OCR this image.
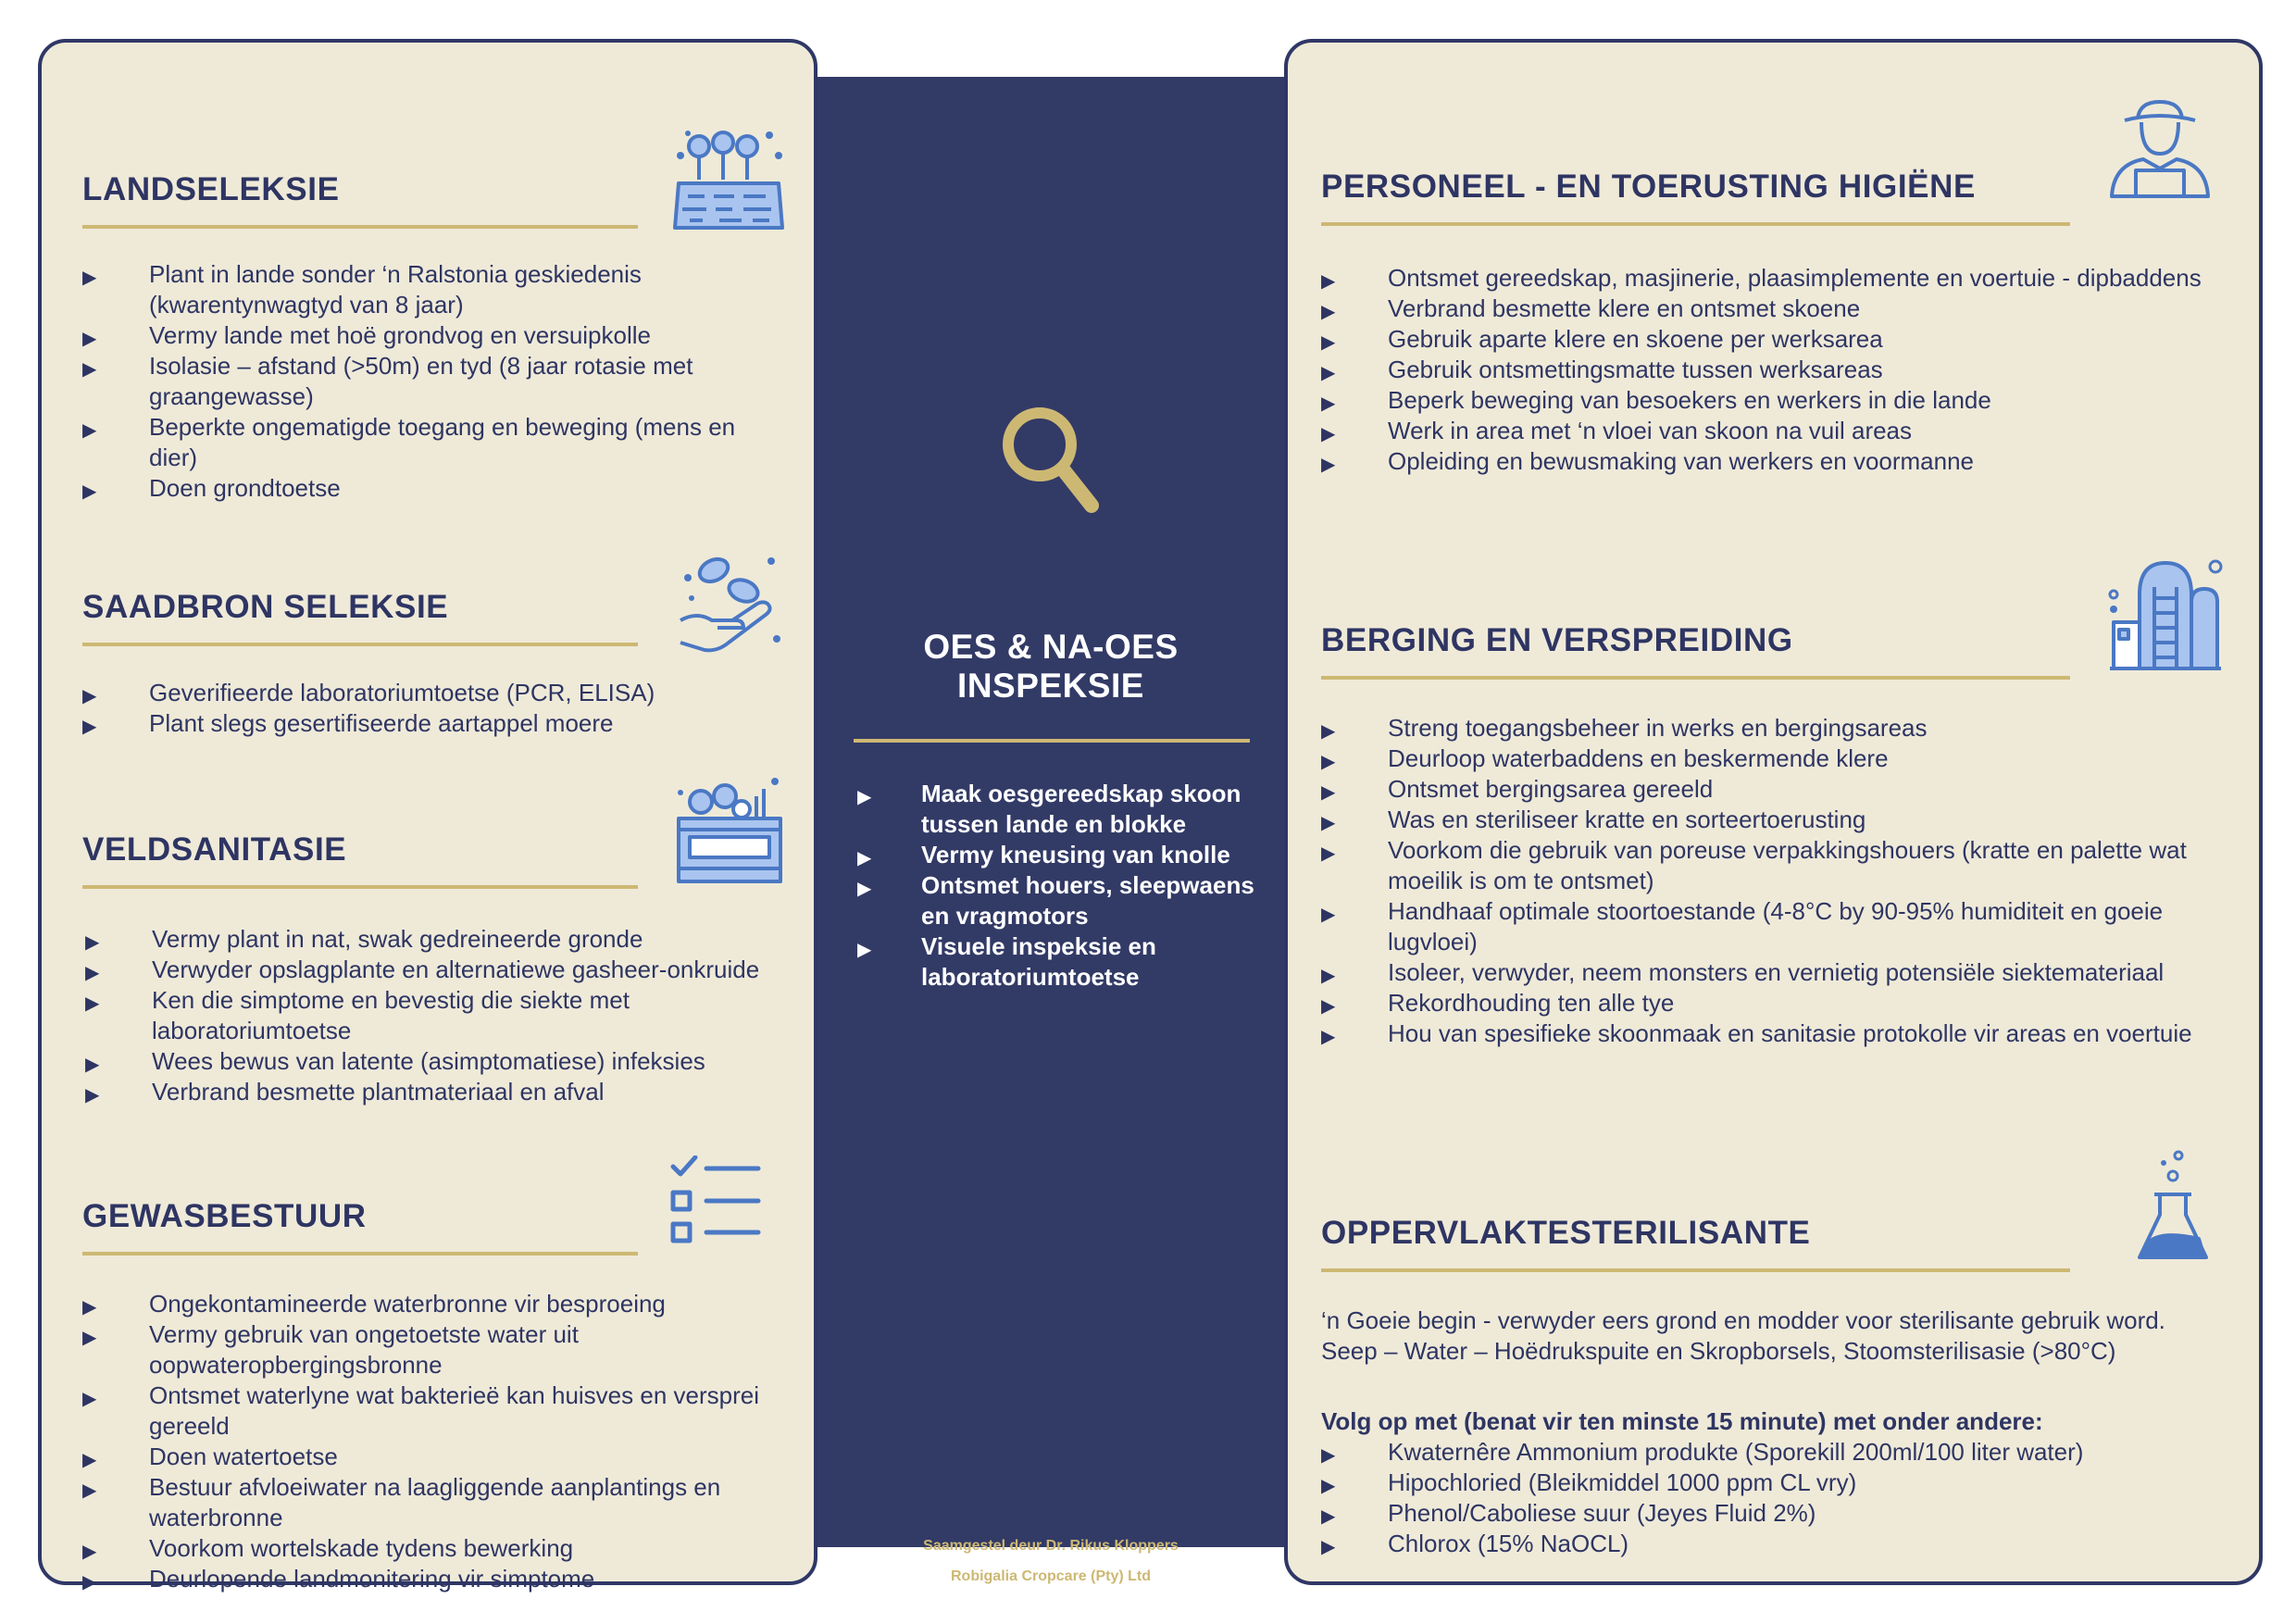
LANDSELEKSIE
▶ Plant in lande sonder ‘n Ralstonia geskiedenis (kwarentynwagtyd van 8 jaar)
▶ Vermy lande met hoë grondvog en versuipkolle
▶ Isolasie – afstand (>50m) en tyd (8 jaar rotasie met graangewasse)
▶ Beperkte ongematigde toegang en beweging (mens en dier)
▶ Doen grondtoetse
SAADBRON SELEKSIE
▶ Geverifieerde laboratoriumtoetse (PCR, ELISA)
▶ Plant slegs gesertifiseerde aartappel moere
VELDSANITASIE
▶ Vermy plant in nat, swak gedreineerde gronde
▶ Verwyder opslagplante en alternatiewe gasheer-onkruide
▶ Ken die simptome en bevestig die siekte met laboratoriumtoetse
▶ Wees bewus van latente (asimptomatiese) infeksies
▶ Verbrand besmette plantmateriaal en afval
GEWASBESTUUR
▶ Ongekontamineerde waterbronne vir besproeing
▶ Vermy gebruik van ongetoetste water uit oopwateropbergingsbronne
▶ Ontsmet waterlyne wat bakterieë kan huisves en versprei gereeld
▶ Doen watertoetse
▶ Bestuur afvloeiwater na laagliggende aanplantings en waterbronne
▶ Voorkom wortelskade tydens bewerking
▶ Deurlopende landmonitering vir simptome
OES & NA-OES
INSPEKSIE
▶ Maak oesgereedskap skoon tussen lande en blokke
▶ Vermy kneusing van knolle
▶ Ontsmet houers, sleepwaens en vragmotors
▶ Visuele inspeksie en laboratoriumtoetse
Saamgestel deur Dr. Rikus Kloppers
Robigalia Cropcare (Pty) Ltd
PERSONEEL - EN TOERUSTING HIGIËNE
▶ Ontsmet gereedskap, masjinerie, plaasimplemente en voertuie - dipbaddens
▶ Verbrand besmette klere en ontsmet skoene
▶ Gebruik aparte klere en skoene per werksarea
▶ Gebruik ontsmettingsmatte tussen werksareas
▶ Beperk beweging van besoekers en werkers in die lande
▶ Werk in area met ‘n vloei van skoon na vuil areas
▶ Opleiding en bewusmaking van werkers en voormanne
BERGING EN VERSPREIDING
▶ Streng toegangsbeheer in werks en bergingsareas
▶ Deurloop waterbaddens en beskermende klere
▶ Ontsmet bergingsarea gereeld
▶ Was en steriliseer kratte en sorteertoerusting
▶ Voorkom die gebruik van poreuse verpakkingshouers (kratte en palette wat moeilik is om te ontsmet)
▶ Handhaaf optimale stoortoestande (4-8°C by 90-95% humiditeit en goeie lugvloei)
▶ Isoleer, verwyder, neem monsters en vernietig potensiële siektemateriaal
▶ Rekordhouding ten alle tye
▶ Hou van spesifieke skoonmaak en sanitasie protokolle vir areas en voertuie
OPPERVLAKTESTERILISANTE

‘n Goeie begin - verwyder eers grond en modder voor sterilisante gebruik word. Seep – Water – Hoëdrukspuite en Skropborsels, Stoomsterilisasie (>80°C)

Volg op met (benat vir ten minste 15 minute) met onder andere:

▶ Kwaternêre Ammonium produkte (Sporekill 200ml/100 liter water)
▶ Hipochloried (Bleikmiddel 1000 ppm CL vry)
▶ Phenol/Caboliese suur (Jeyes Fluid 2%)
▶ Chlorox (15% NaOCL)
